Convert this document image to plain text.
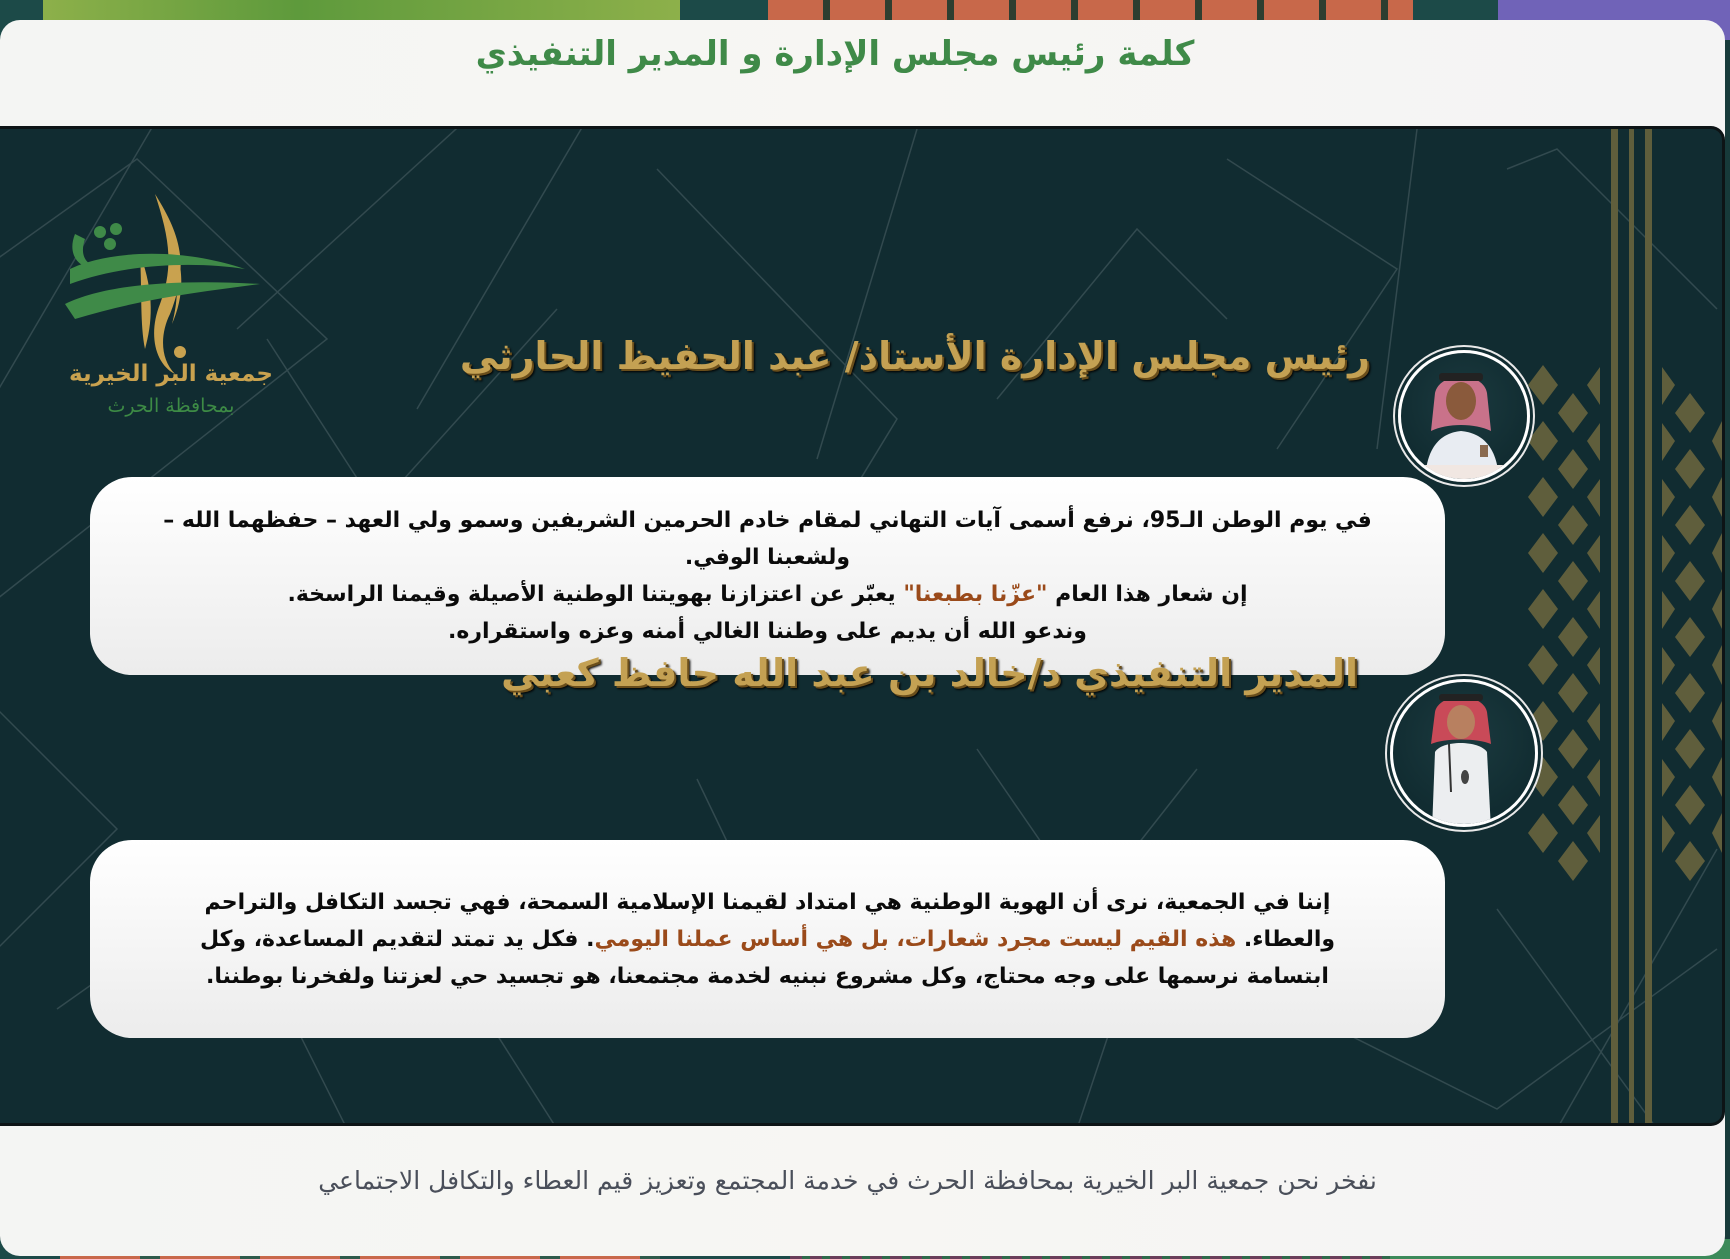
كلمة رئيس مجلس الإدارة و المدير التنفيذي
جمعية البر الخيرية
بمحافظة الحرث
رئيس مجلس الإدارة الأستاذ/ عبد الحفيظ الحارثي

في يوم الوطن الـ95، نرفع أسمى آيات التهاني لمقام خادم الحرمين الشريفين وسمو ولي العهد – حفظهما الله – ولشعبنا الوفي.
إن شعار هذا العام "عزّنا بطبعنا" يعبّر عن اعتزازنا بهويتنا الوطنية الأصيلة وقيمنا الراسخة.
وندعو الله أن يديم على وطننا الغالي أمنه وعزه واستقراره.

المدير التنفيذي د/خالد بن عبد الله حافظ كعبي

إننا في الجمعية، نرى أن الهوية الوطنية هي امتداد لقيمنا الإسلامية السمحة، فهي تجسد التكافل والتراحم والعطاء. هذه القيم ليست مجرد شعارات، بل هي أساس عملنا اليومي. فكل يد تمتد لتقديم المساعدة، وكل ابتسامة نرسمها على وجه محتاج، وكل مشروع نبنيه لخدمة مجتمعنا، هو تجسيد حي لعزتنا ولفخرنا بوطننا.

نفخر نحن جمعية البر الخيرية بمحافظة الحرث في خدمة المجتمع وتعزيز قيم العطاء والتكافل الاجتماعي
